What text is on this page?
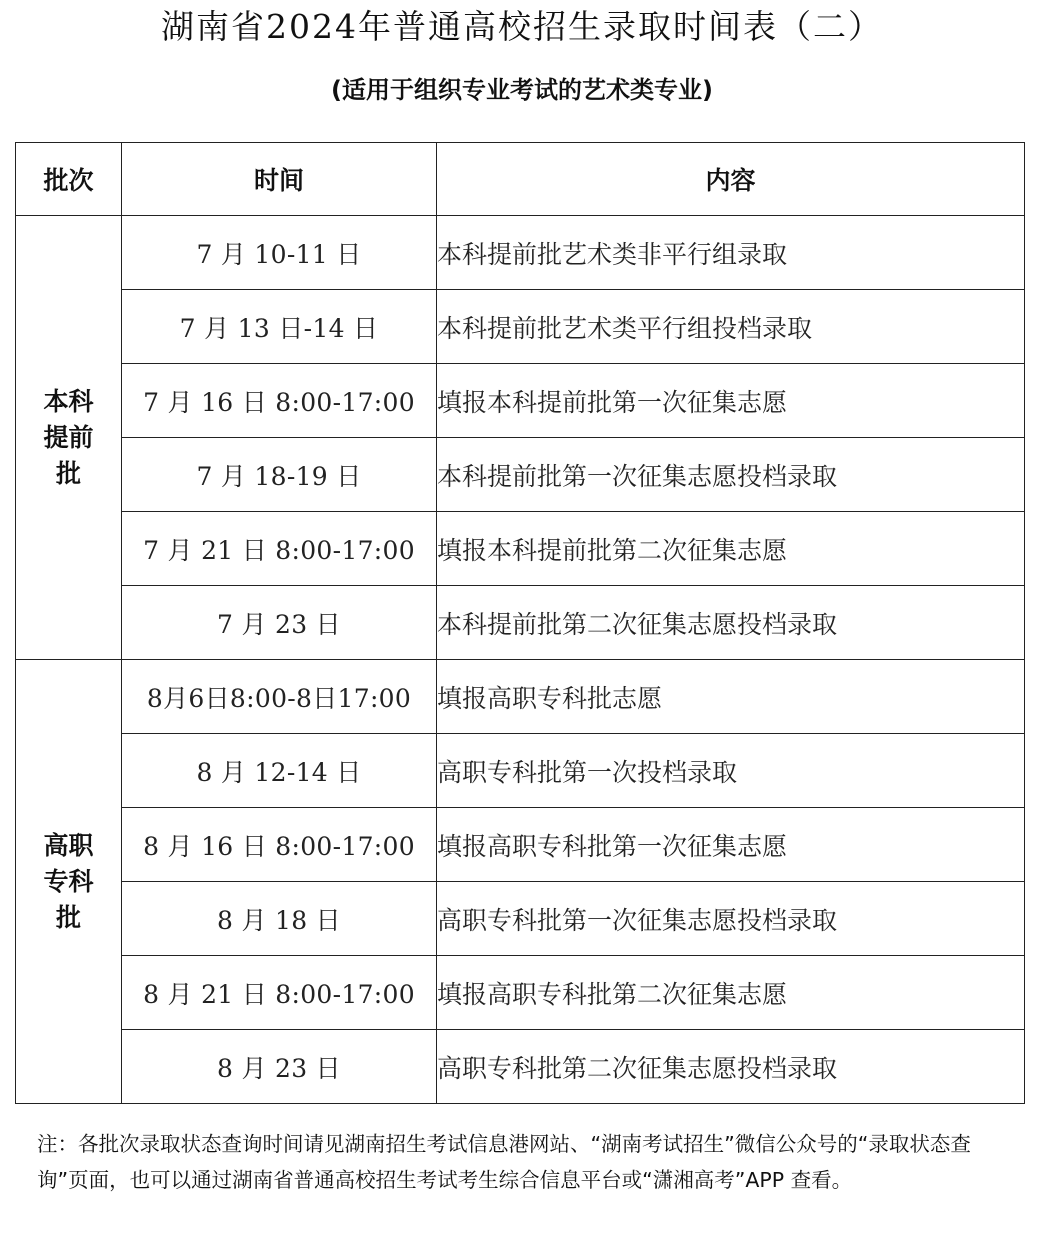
湖南省2024年普通高校招生录取时间表（二）
(适用于组织专业考试的艺术类专业)
批次	时间	内容

本科
提前
批	7 月 10-11 日	本科提前批艺术类非平行组录取
	7 月 13 日-14 日	本科提前批艺术类平行组投档录取
	7 月 16 日 8:00-17:00	填报本科提前批第一次征集志愿
	7 月 18-19 日	本科提前批第一次征集志愿投档录取
	7 月 21 日 8:00-17:00	填报本科提前批第二次征集志愿
	7 月 23 日	本科提前批第二次征集志愿投档录取

高职
专科
批	8月6日8:00-8日17:00	填报高职专科批志愿
	8 月 12-14 日	高职专科批第一次投档录取
	8 月 16 日 8:00-17:00	填报高职专科批第一次征集志愿
	8 月 18 日	高职专科批第一次征集志愿投档录取
	8 月 21 日 8:00-17:00	填报高职专科批第二次征集志愿
	8 月 23 日	高职专科批第二次征集志愿投档录取
注：各批次录取状态查询时间请见湖南招生考试信息港网站、“湖南考试招生”微信公众号的“录取状态查询”页面，也可以通过湖南省普通高校招生考试考生综合信息平台或“潇湘高考”APP 查看。
